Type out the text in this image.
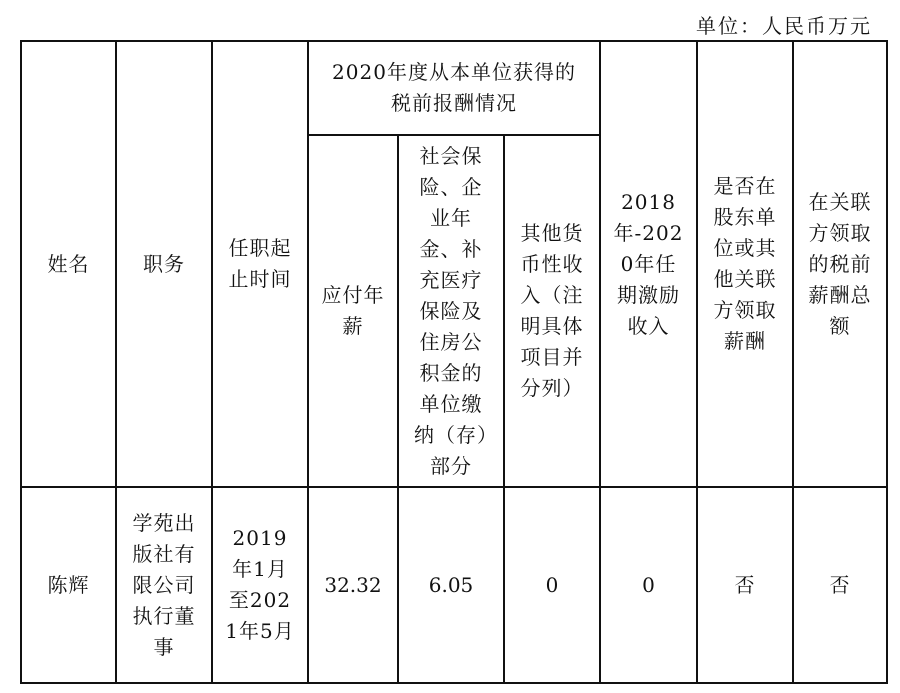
单位：人民币万元
姓名	职务	任职起止时间	2020年度从本单位获得的税前报酬情况			2018年-2020年任期激励收入	是否在股东单位或其他关联方领取薪酬	在关联方领取的税前薪酬总额
			应付年薪	社会保险、企业年金、补充医疗保险及住房公积金的单位缴纳（存）部分	其他货币性收入（注明具体项目并分列）			
陈辉	学苑出版社有限公司执行董事	2019年1月至2021年5月	32.32	6.05	0	0	否	否
